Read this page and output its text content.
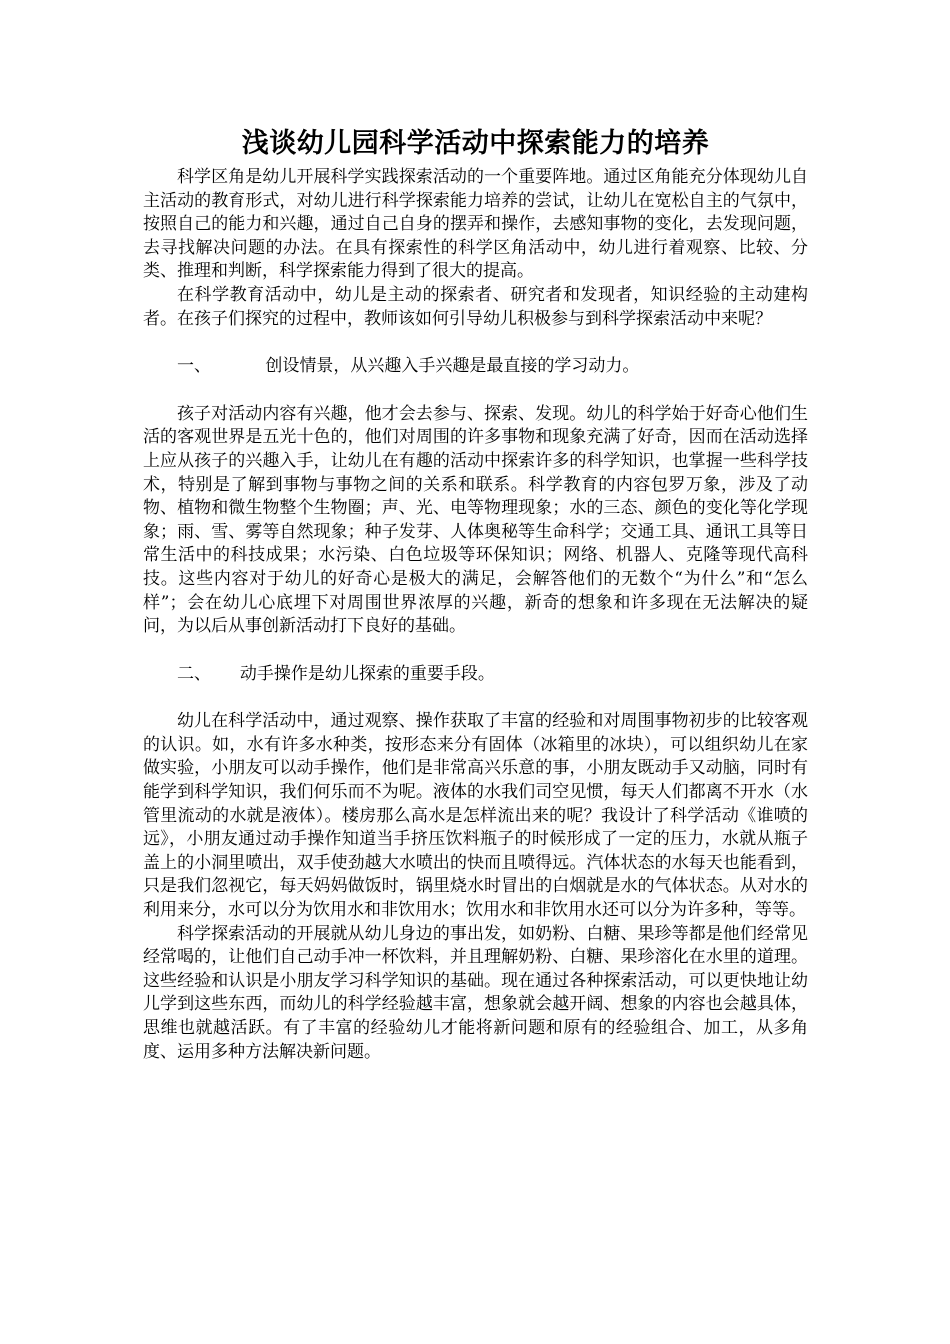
浅谈幼儿园科学活动中探索能力的培养

科学区角是幼儿开展科学实践探索活动的一个重要阵地。通过区角能充分体现幼儿自主活动的教育形式，对幼儿进行科学探索能力培养的尝试，让幼儿在宽松自主的气氛中，按照自己的能力和兴趣，通过自己自身的摆弄和操作，去感知事物的变化，去发现问题，去寻找解决问题的办法。在具有探索性的科学区角活动中，幼儿进行着观察、比较、分类、推理和判断，科学探索能力得到了很大的提高。

在科学教育活动中，幼儿是主动的探索者、研究者和发现者，知识经验的主动建构者。在孩子们探究的过程中，教师该如何引导幼儿积极参与到科学探索活动中来呢？

一、	创设情景，从兴趣入手兴趣是最直接的学习动力。

孩子对活动内容有兴趣，他才会去参与、探索、发现。幼儿的科学始于好奇心他们生活的客观世界是五光十色的，他们对周围的许多事物和现象充满了好奇，因而在活动选择上应从孩子的兴趣入手，让幼儿在有趣的活动中探索许多的科学知识，也掌握一些科学技术，特别是了解到事物与事物之间的关系和联系。科学教育的内容包罗万象，涉及了动物、植物和微生物整个生物圈；声、光、电等物理现象；水的三态、颜色的变化等化学现象；雨、雪、雾等自然现象；种子发芽、人体奥秘等生命科学；交通工具、通讯工具等日常生活中的科技成果；水污染、白色垃圾等环保知识；网络、机器人、克隆等现代高科技。这些内容对于幼儿的好奇心是极大的满足，会解答他们的无数个“为什么”和“怎么样”；会在幼儿心底埋下对周围世界浓厚的兴趣，新奇的想象和许多现在无法解决的疑问，为以后从事创新活动打下良好的基础。

二、 动手操作是幼儿探索的重要手段。

幼儿在科学活动中，通过观察、操作获取了丰富的经验和对周围事物初步的比较客观的认识。如，水有许多水种类，按形态来分有固体（冰箱里的冰块），可以组织幼儿在家做实验，小朋友可以动手操作，他们是非常高兴乐意的事，小朋友既动手又动脑，同时有能学到科学知识，我们何乐而不为呢。液体的水我们司空见惯，每天人们都离不开水（水管里流动的水就是液体）。楼房那么高水是怎样流出来的呢？我设计了科学活动《谁喷的远》，小朋友通过动手操作知道当手挤压饮料瓶子的时候形成了一定的压力，水就从瓶子盖上的小洞里喷出，双手使劲越大水喷出的快而且喷得远。汽体状态的水每天也能看到，只是我们忽视它，每天妈妈做饭时，锅里烧水时冒出的白烟就是水的气体状态。从对水的利用来分，水可以分为饮用水和非饮用水；饮用水和非饮用水还可以分为许多种，等等。

科学探索活动的开展就从幼儿身边的事出发，如奶粉、白糖、果珍等都是他们经常见经常喝的，让他们自己动手冲一杯饮料，并且理解奶粉、白糖、果珍溶化在水里的道理。这些经验和认识是小朋友学习科学知识的基础。现在通过各种探索活动，可以更快地让幼儿学到这些东西，而幼儿的科学经验越丰富，想象就会越开阔、想象的内容也会越具体，思维也就越活跃。有了丰富的经验幼儿才能将新问题和原有的经验组合、加工，从多角度、运用多种方法解决新问题。
